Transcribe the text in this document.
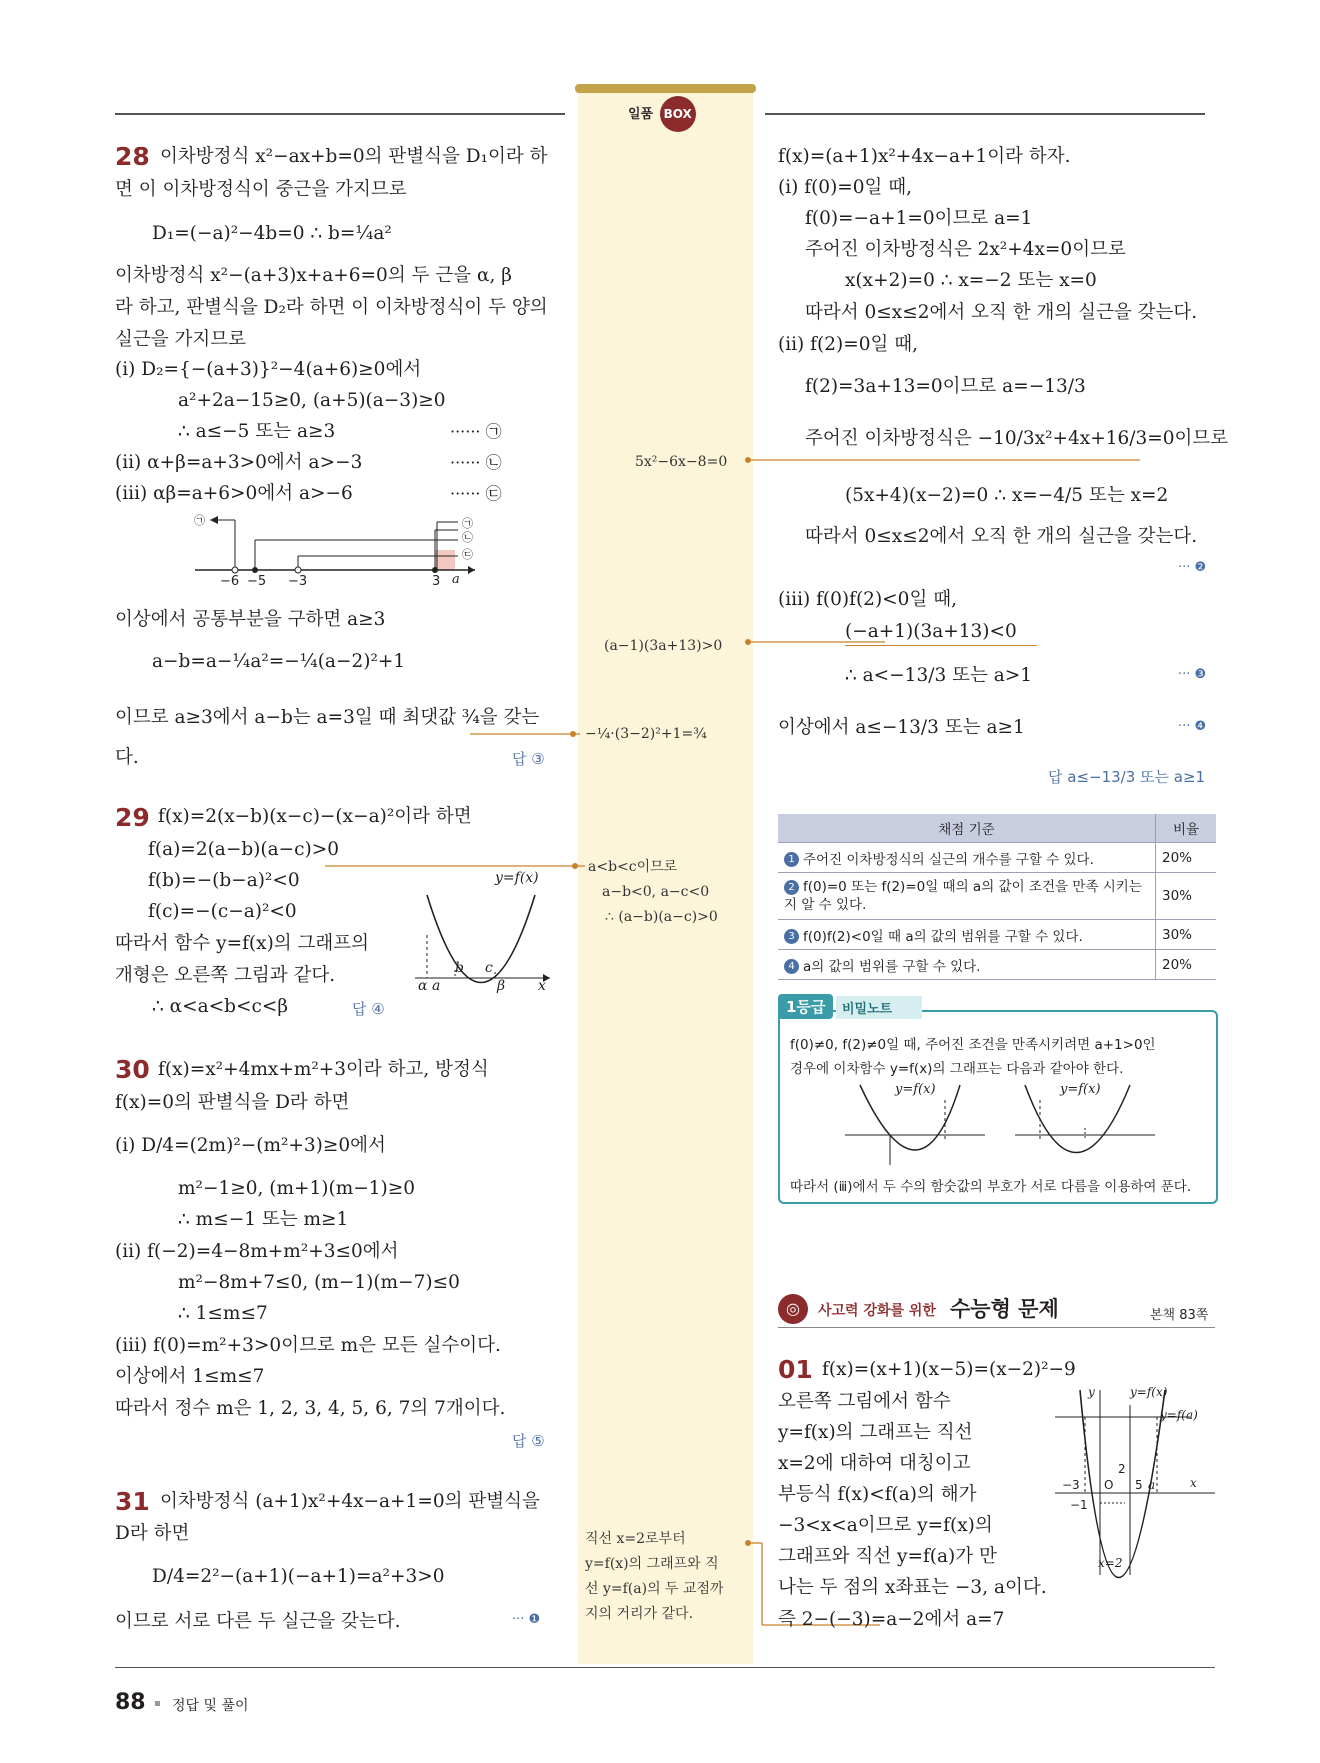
일품 BOX
28 이차방정식 x²−ax+b=0의 판별식을 D₁이라 하
면 이 이차방정식이 중근을 가지므로
D₁=(−a)²−4b=0 ∴ b=¼a²
이차방정식 x²−(a+3)x+a+6=0의 두 근을 α, β
라 하고, 판별식을 D₂라 하면 이 이차방정식이 두 양의
실근을 가지므로
(ⅰ) D₂={−(a+3)}²−4(a+6)≥0에서
a²+2a−15≥0, (a+5)(a−3)≥0
∴ a≤−5 또는 a≥3	······ ㉠
(ⅱ) α+β=a+3>0에서 a>−3	······ ㉡
(ⅲ) αβ=a+6>0에서 a>−6	······ ㉢
−6 −5 −3	3 a
㉠	㉠
㉡
㉢
이상에서 공통부분을 구하면 a≥3
a−b=a−¼a²=−¼(a−2)²+1
이므로 a≥3에서 a−b는 a=3일 때 최댓값 ¾을 갖는
다.	답 ③
−¼·(3−2)²+1=¾
29 f(x)=2(x−b)(x−c)−(x−a)²이라 하면
f(a)=2(a−b)(a−c)>0
f(b)=−(b−a)²<0
f(c)=−(c−a)²<0
따라서 함수 y=f(x)의 그래프의
개형은 오른쪽 그림과 같다.
∴ α<a<b<c<β	답 ④
y=f(x)
α a
b c
β x
a<b<c이므로
a−b<0, a−c<0
∴ (a−b)(a−c)>0
30 f(x)=x²+4mx+m²+3이라 하고, 방정식
f(x)=0의 판별식을 D라 하면
(ⅰ) D/4=(2m)²−(m²+3)≥0에서
m²−1≥0, (m+1)(m−1)≥0
∴ m≤−1 또는 m≥1
(ⅱ) f(−2)=4−8m+m²+3≤0에서
m²−8m+7≤0, (m−1)(m−7)≤0
∴ 1≤m≤7
(ⅲ) f(0)=m²+3>0이므로 m은 모든 실수이다.
이상에서 1≤m≤7
따라서 정수 m은 1, 2, 3, 4, 5, 6, 7의 7개이다.
답 ⑤
31 이차방정식 (a+1)x²+4x−a+1=0의 판별식을
D라 하면
D/4=2²−(a+1)(−a+1)=a²+3>0
이므로 서로 다른 두 실근을 갖는다.	··· ❶
5x²−6x−8=0
(a−1)(3a+13)>0
직선 x=2로부터
y=f(x)의 그래프와 직
선 y=f(a)의 두 교점까
지의 거리가 같다.
f(x)=(a+1)x²+4x−a+1이라 하자.
(ⅰ) f(0)=0일 때,
f(0)=−a+1=0이므로 a=1
주어진 이차방정식은 2x²+4x=0이므로
x(x+2)=0 ∴ x=−2 또는 x=0
따라서 0≤x≤2에서 오직 한 개의 실근을 갖는다.
(ⅱ) f(2)=0일 때,
f(2)=3a+13=0이므로 a=−13/3
주어진 이차방정식은 −10/3x²+4x+16/3=0이므로
(5x+4)(x−2)=0 ∴ x=−4/5 또는 x=2
따라서 0≤x≤2에서 오직 한 개의 실근을 갖는다.
··· ❷
(ⅲ) f(0)f(2)<0일 때,
(−a+1)(3a+13)<0
∴ a<−13/3 또는 a>1	··· ❸
이상에서 a≤−13/3 또는 a≥1	··· ❹
답 a≤−13/3 또는 a≥1
채점 기준	비율
1 주어진 이차방정식의 실근의 개수를 구할 수 있다.	20%
2 f(0)=0 또는 f(2)=0일 때의 a의 값이 조건을 만족 시키는지 알 수 있다.	30%
3 f(0)f(2)<0일 때 a의 값의 범위를 구할 수 있다.	30%
4 a의 값의 범위를 구할 수 있다.	20%
1등급	비밀노트
f(0)≠0, f(2)≠0일 때, 주어진 조건을 만족시키려면 a+1>0인
경우에 이차함수 y=f(x)의 그래프는 다음과 같아야 한다.
y=f(x)	y=f(x)
따라서 (ⅲ)에서 두 수의 함숫값의 부호가 서로 다름을 이용하여 푼다.
◎	사고력 강화를 위한 수능형 문제	본책 83쪽
01 f(x)=(x+1)(x−5)=(x−2)²−9
오른쪽 그림에서 함수
y=f(x)의 그래프는 직선
x=2에 대하여 대칭이고
부등식 f(x)<f(a)의 해가
−3<x<a이므로 y=f(x)의
그래프와 직선 y=f(a)가 만
나는 두 점의 x좌표는 −3, a이다.
즉 2−(−3)=a−2에서 a=7
y	y=f(x)
y=f(a)
−3 O 5 a	x
2
−1
x=2
88 정답 및 풀이
